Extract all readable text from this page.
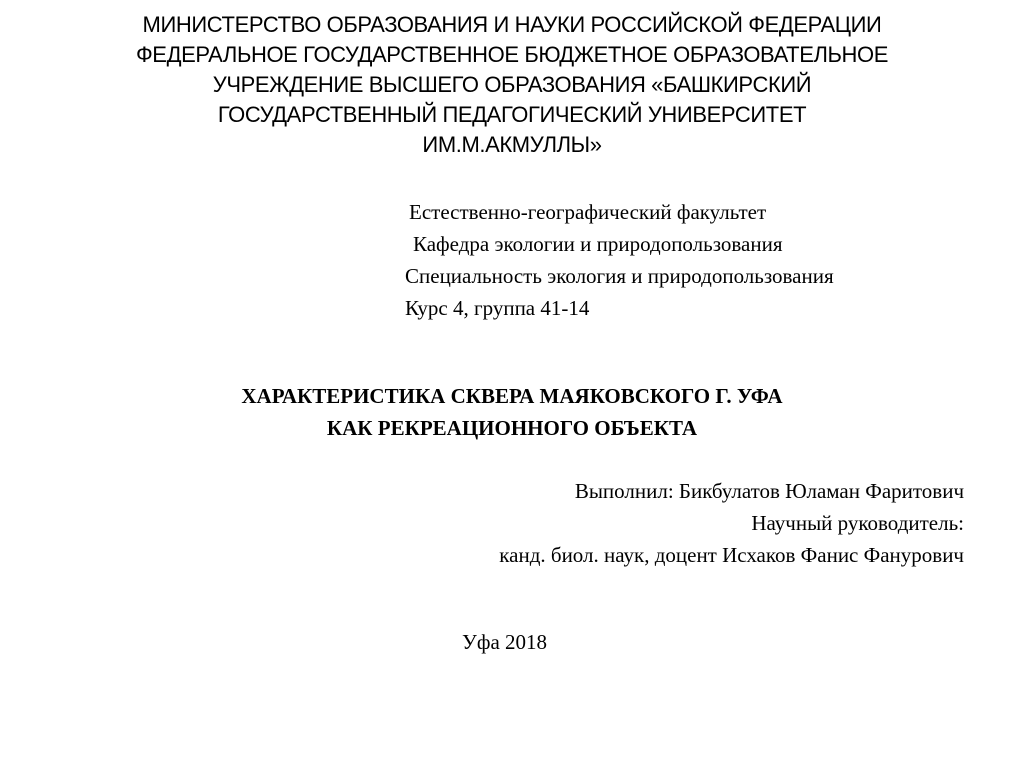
МИНИСТЕРСТВО ОБРАЗОВАНИЯ И НАУКИ РОССИЙСКОЙ ФЕДЕРАЦИИ
ФЕДЕРАЛЬНОЕ ГОСУДАРСТВЕННОЕ БЮДЖЕТНОЕ ОБРАЗОВАТЕЛЬНОЕ
УЧРЕЖДЕНИЕ ВЫСШЕГО ОБРАЗОВАНИЯ «БАШКИРСКИЙ
ГОСУДАРСТВЕННЫЙ ПЕДАГОГИЧЕСКИЙ УНИВЕРСИТЕТ
ИМ.М.АКМУЛЛЫ»
Естественно-географический факультет
Кафедра экологии и природопользования
Специальность экология и природопользования
Курс 4, группа 41-14
ХАРАКТЕРИСТИКА СКВЕРА МАЯКОВСКОГО Г. УФА
КАК РЕКРЕАЦИОННОГО ОБЪЕКТА
Выполнил: Бикбулатов Юламан Фаритович
Научный руководитель:
канд. биол. наук, доцент Исхаков Фанис Фанурович
Уфа 2018
